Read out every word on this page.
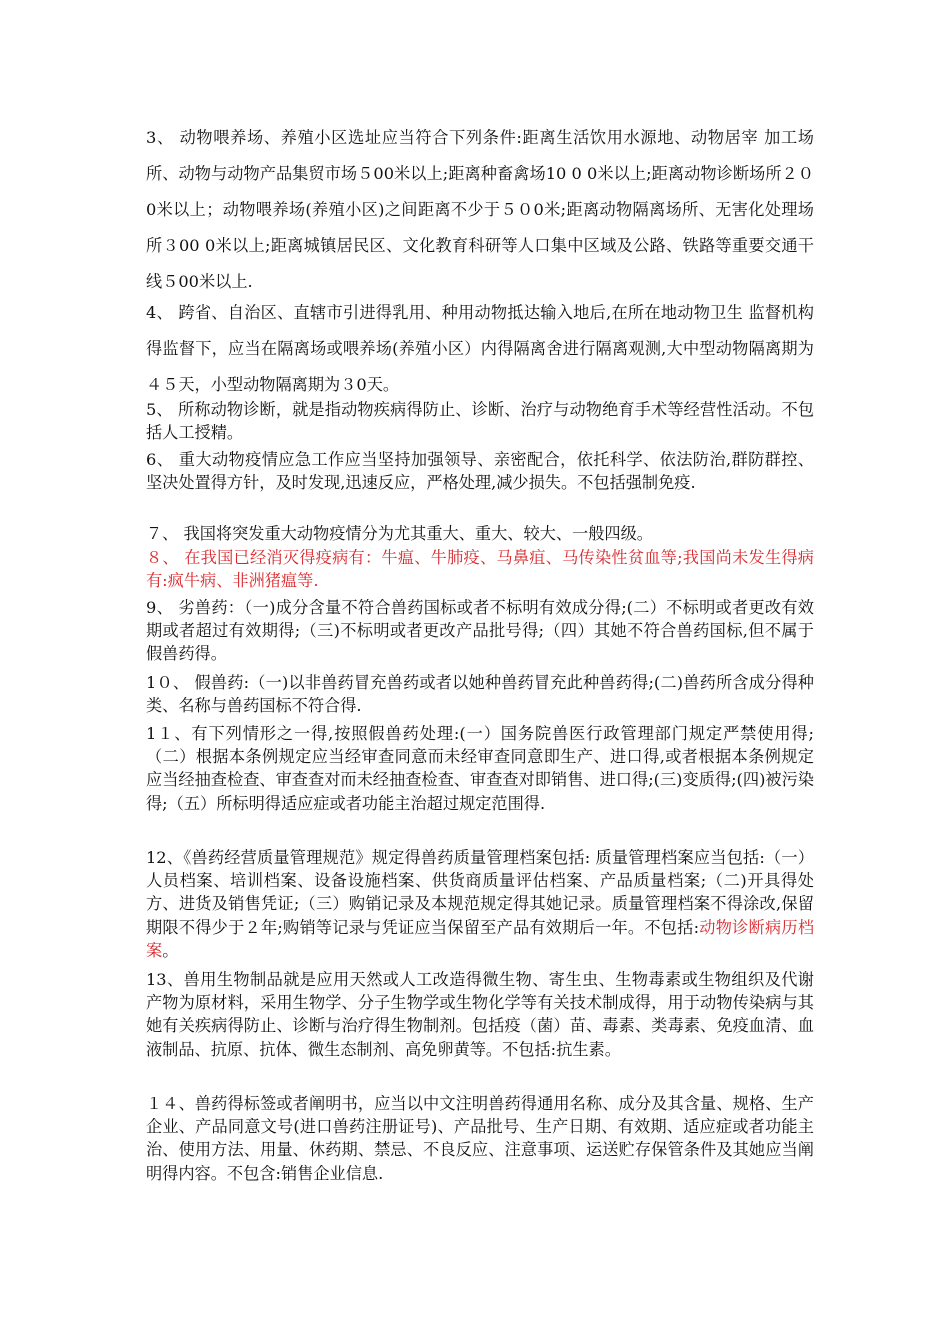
3、 动物喂养场、养殖小区选址应当符合下列条件:距离生活饮用水源地、动物居宰 加工场所、动物与动物产品集贸市场５00米以上;距离种畜禽场10 0 0米以上;距离动物诊断场所２０0米以上；动物喂养场(养殖小区)之间距离不少于５０0米;距离动物隔离场所、无害化处理场所３00 0米以上;距离城镇居民区、文化教育科研等人口集中区域及公路、铁路等重要交通干线５00米以上.

4、 跨省、自治区、直辖市引进得乳用、种用动物抵达输入地后,在所在地动物卫生 监督机构得监督下，应当在隔离场或喂养场(养殖小区）内得隔离舍进行隔离观测,大中型动物隔离期为４５天，小型动物隔离期为３0天。

5、 所称动物诊断，就是指动物疾病得防止、诊断、治疗与动物绝育手术等经营性活动。不包括人工授精。

6、 重大动物疫情应急工作应当坚持加强领导、亲密配合，依托科学、依法防治,群防群控、坚决处置得方针，及时发现,迅速反应，严格处理,减少损失。不包括强制免疫.

７、 我国将突发重大动物疫情分为尤其重大、重大、较大、一般四级。

８、 在我国已经消灭得疫病有：牛瘟、牛肺疫、马鼻疽、马传染性贫血等;我国尚未发生得病有:疯牛病、非洲猪瘟等.

9、 劣兽药：（一)成分含量不符合兽药国标或者不标明有效成分得;(二）不标明或者更改有效期或者超过有效期得;（三)不标明或者更改产品批号得;（四）其她不符合兽药国标,但不属于假兽药得。

1０、 假兽药:（一)以非兽药冒充兽药或者以她种兽药冒充此种兽药得;(二)兽药所含成分得种类、名称与兽药国标不符合得.

1１、有下列情形之一得,按照假兽药处理:(一）国务院兽医行政管理部门规定严禁使用得;（二）根据本条例规定应当经审查同意而未经审查同意即生产、进口得,或者根据本条例规定应当经抽查检查、审查查对而未经抽查检查、审查查对即销售、进口得;(三)变质得;(四)被污染得;（五）所标明得适应症或者功能主治超过规定范围得.

12、《兽药经营质量管理规范》规定得兽药质量管理档案包括: 质量管理档案应当包括:（一） 人员档案、培训档案、设备设施档案、供货商质量评估档案、产品质量档案;（二)开具得处方、进货及销售凭证;（三）购销记录及本规范规定得其她记录。质量管理档案不得涂改,保留期限不得少于２年;购销等记录与凭证应当保留至产品有效期后一年。不包括:动物诊断病历档案。

13、兽用生物制品就是应用天然或人工改造得微生物、寄生虫、生物毒素或生物组织及代谢产物为原材料，采用生物学、分子生物学或生物化学等有关技术制成得，用于动物传染病与其她有关疾病得防止、诊断与治疗得生物制剂。包括疫（菌）苗、毒素、类毒素、免疫血清、血液制品、抗原、抗体、微生态制剂、高免卵黄等。不包括:抗生素。

１４、兽药得标签或者阐明书，应当以中文注明兽药得通用名称、成分及其含量、规格、生产企业、产品同意文号(进口兽药注册证号)、产品批号、生产日期、有效期、适应症或者功能主治、使用方法、用量、休药期、禁忌、不良反应、注意事项、运送贮存保管条件及其她应当阐明得内容。不包含:销售企业信息.
